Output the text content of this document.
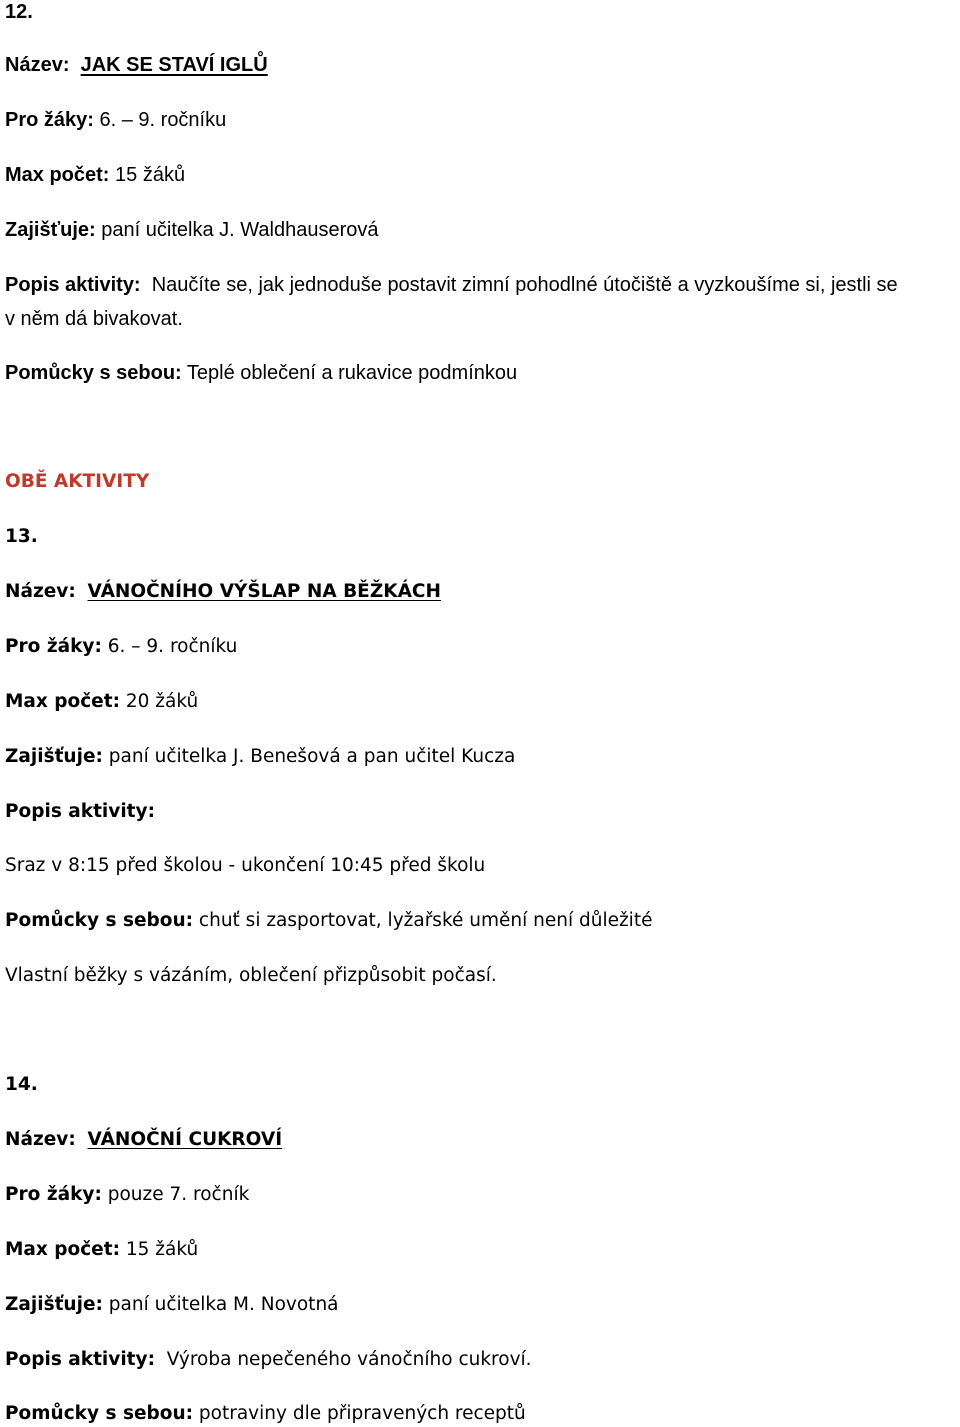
12.
Název: JAK SE STAVÍ IGLŮ
Pro žáky: 6. – 9. ročníku
Max počet: 15 žáků
Zajišťuje: paní učitelka J. Waldhauserová
Popis aktivity: Naučíte se, jak jednoduše postavit zimní pohodlné útočiště a vyzkoušíme si, jestli se
v něm dá bivakovat.
Pomůcky s sebou: Teplé oblečení a rukavice podmínkou
OBĚ AKTIVITY
13.
Název: VÁNOČNÍHO VÝŠLAP NA BĚŽKÁCH
Pro žáky: 6. – 9. ročníku
Max počet: 20 žáků
Zajišťuje: paní učitelka J. Benešová a pan učitel Kucza
Popis aktivity:
Sraz v 8:15 před školou - ukončení 10:45 před školu
Pomůcky s sebou: chuť si zasportovat, lyžařské umění není důležité
Vlastní běžky s vázáním, oblečení přizpůsobit počasí.
14.
Název: VÁNOČNÍ CUKROVÍ
Pro žáky: pouze 7. ročník
Max počet: 15 žáků
Zajišťuje: paní učitelka M. Novotná
Popis aktivity: Výroba nepečeného vánočního cukroví.
Pomůcky s sebou: potraviny dle připravených receptů
